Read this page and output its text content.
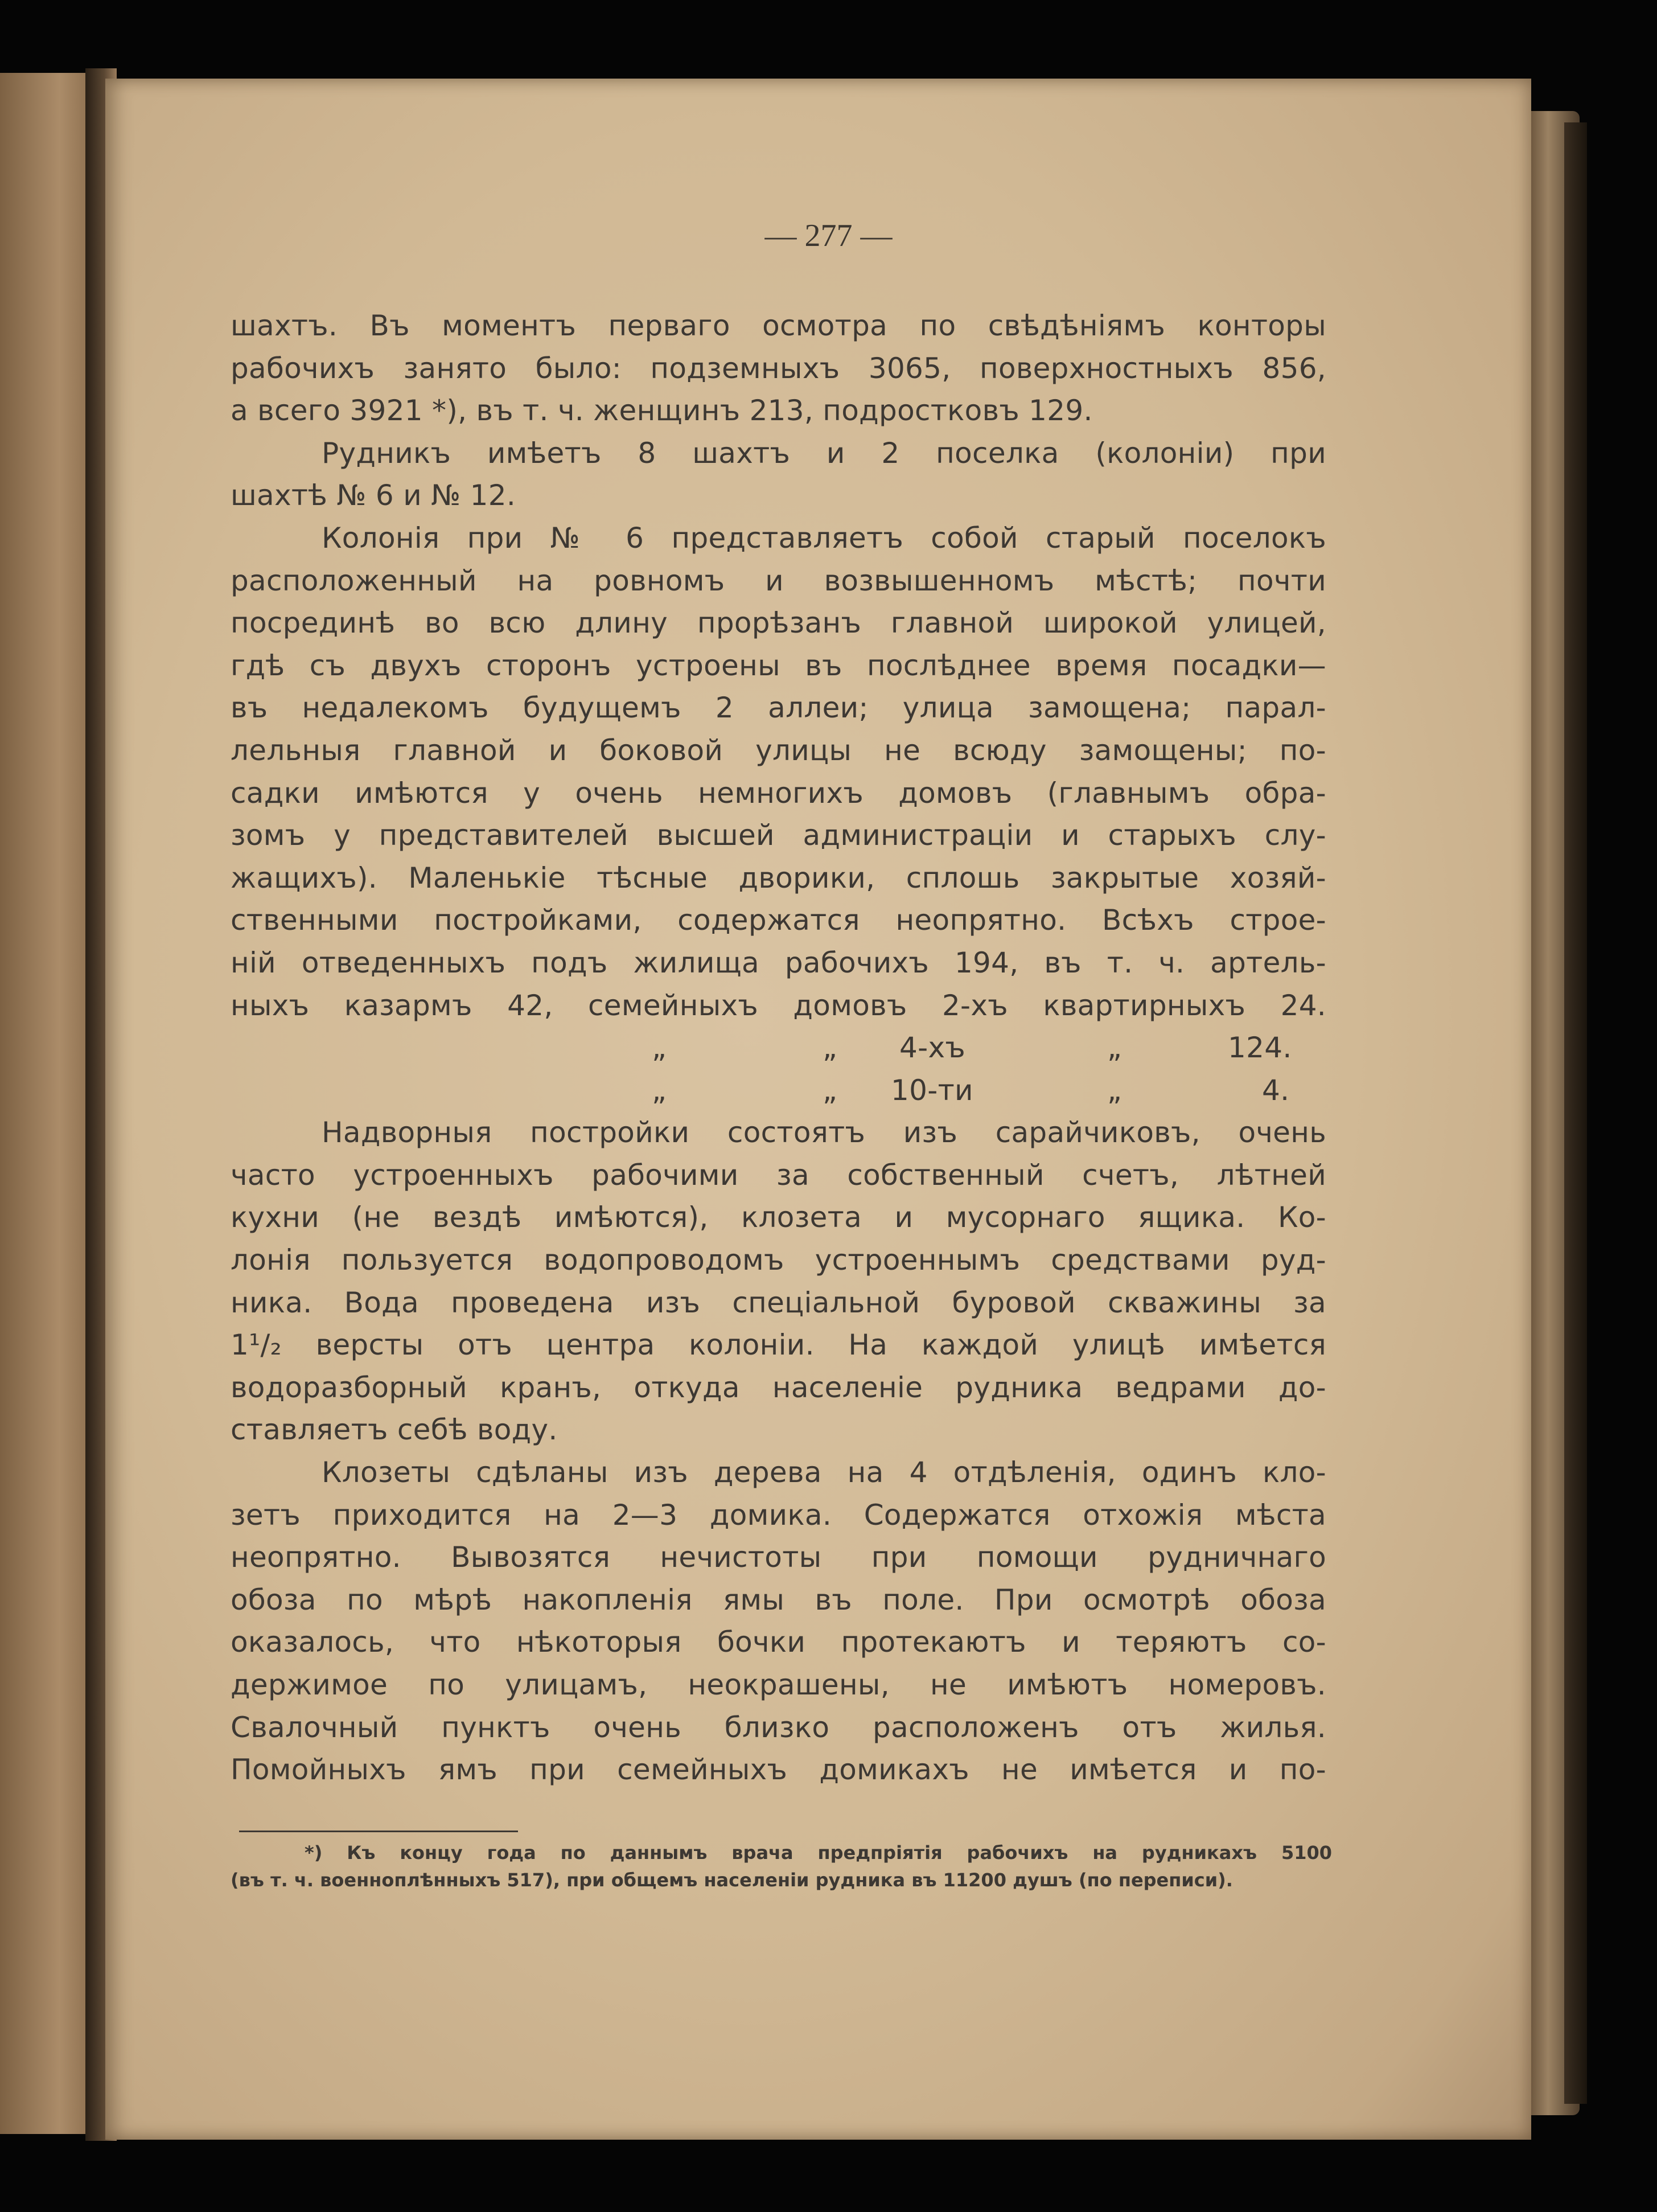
— 277 —

шахтъ. Въ моментъ перваго осмотра по свѣдѣніямъ конторы
рабочихъ занято было: подземныхъ 3065, поверхностныхъ 856,
а всего 3921 *), въ т. ч. женщинъ 213, подростковъ 129.
Рудникъ имѣетъ 8 шахтъ и 2 поселка (колоніи) при
шахтѣ № 6 и № 12.
Колонія при № 6 представляетъ собой старый поселокъ
расположенный на ровномъ и возвышенномъ мѣстѣ; почти
посрединѣ во всю длину прорѣзанъ главной широкой улицей,
гдѣ съ двухъ сторонъ устроены въ послѣднее время посадки—
въ недалекомъ будущемъ 2 аллеи; улица замощена; парал-
лельныя главной и боковой улицы не всюду замощены; по-
садки имѣются у очень немногихъ домовъ (главнымъ обра-
зомъ у представителей высшей администраціи и старыхъ слу-
жащихъ). Маленькіе тѣсные дворики, сплошь закрытые хозяй-
ственными постройками, содержатся неопрятно. Всѣхъ строе-
ній отведенныхъ подъ жилища рабочихъ 194, въ т. ч. артель-
ныхъ казармъ 42, семейныхъ домовъ 2-хъ квартирныхъ 24.
„	„ 4-хъ	„	124.
„	„ 10-ти	„	4.
Надворныя постройки состоятъ изъ сарайчиковъ, очень
часто устроенныхъ рабочими за собственный счетъ, лѣтней
кухни (не вездѣ имѣются), клозета и мусорнаго ящика. Ко-
лонія пользуется водопроводомъ устроеннымъ средствами руд-
ника. Вода проведена изъ спеціальной буровой скважины за
1¹/₂ версты отъ центра колоніи. На каждой улицѣ имѣется
водоразборный кранъ, откуда населеніе рудника ведрами до-
ставляетъ себѣ воду.
Клозеты сдѣланы изъ дерева на 4 отдѣленія, одинъ кло-
зетъ приходится на 2—3 домика. Содержатся отхожія мѣста
неопрятно. Вывозятся нечистоты при помощи рудничнаго
обоза по мѣрѣ накопленія ямы въ поле. При осмотрѣ обоза
оказалось, что нѣкоторыя бочки протекаютъ и теряютъ со-
держимое по улицамъ, неокрашены, не имѣютъ номеровъ.
Свалочный пунктъ очень близко расположенъ отъ жилья.
Помойныхъ ямъ при семейныхъ домикахъ не имѣется и по-
*) Къ концу года по даннымъ врача предпріятія рабочихъ на рудникахъ 5100
(въ т. ч. военноплѣнныхъ 517), при общемъ населеніи рудника въ 11200 душъ (по переписи).
